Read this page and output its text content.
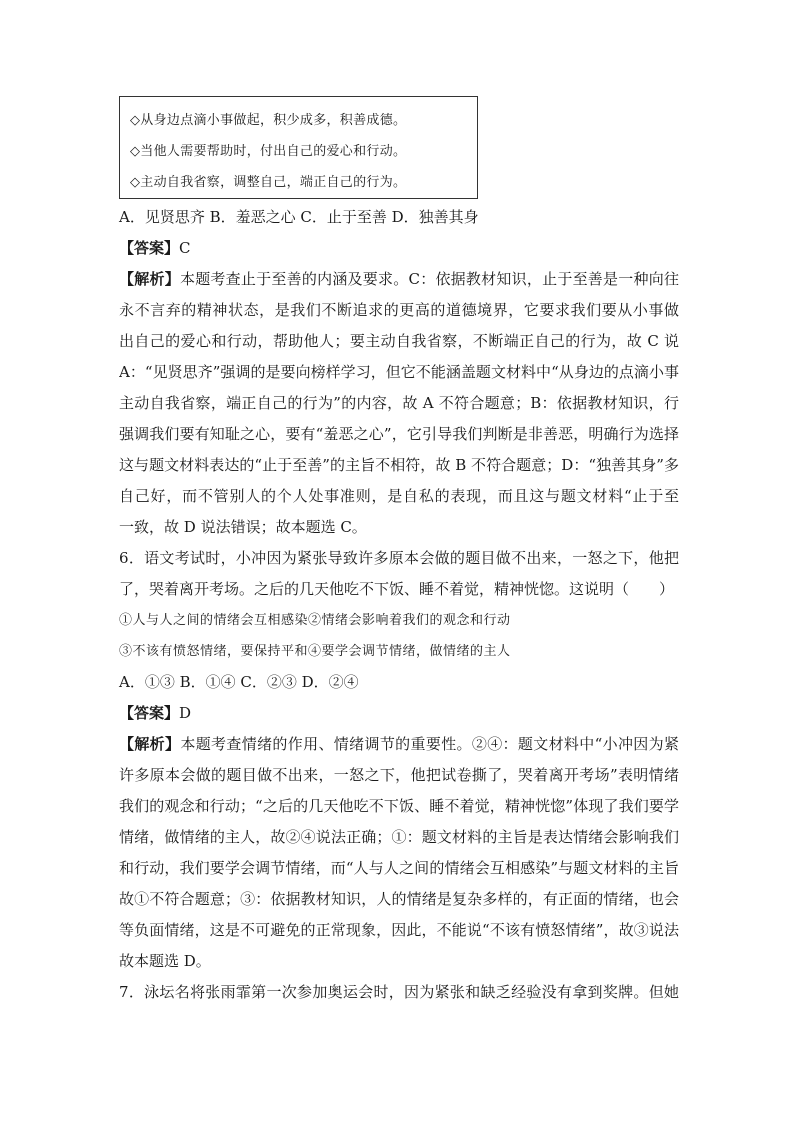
◇从身边点滴小事做起，积少成多，积善成德。
◇当他人需要帮助时，付出自己的爱心和行动。
◇主动自我省察，调整自己，端正自己的行为。
A．见贤思齐 B．羞恶之心 C．止于至善 D．独善其身
【答案】C
【解析】本题考查止于至善的内涵及要求。C：依据教材知识，止于至善是一种向往
永不言弃的精神状态，是我们不断追求的更高的道德境界，它要求我们要从小事做
出自己的爱心和行动，帮助他人；要主动自我省察，不断端正自己的行为，故 C 说
A：“见贤思齐”强调的是要向榜样学习，但它不能涵盖题文材料中“从身边的点滴小事
主动自我省察，端正自己的行为”的内容，故 A 不符合题意；B：依据教材知识，行
强调我们要有知耻之心，要有“羞恶之心”，它引导我们判断是非善恶，明确行为选择
这与题文材料表达的“止于至善”的主旨不相符，故 B 不符合题意；D：“独善其身”多
自己好，而不管别人的个人处事准则，是自私的表现，而且这与题文材料“止于至
一致，故 D 说法错误；故本题选 C。
6．语文考试时，小冲因为紧张导致许多原本会做的题目做不出来，一怒之下，他把
了，哭着离开考场。之后的几天他吃不下饭、睡不着觉，精神恍惚。这说明（　　）
①人与人之间的情绪会互相感染②情绪会影响着我们的观念和行动
③不该有愤怒情绪，要保持平和④要学会调节情绪，做情绪的主人
A．①③ B．①④ C．②③ D．②④
【答案】D
【解析】本题考查情绪的作用、情绪调节的重要性。②④：题文材料中“小冲因为紧
许多原本会做的题目做不出来，一怒之下，他把试卷撕了，哭着离开考场”表明情绪
我们的观念和行动；“之后的几天他吃不下饭、睡不着觉，精神恍惚”体现了我们要学
情绪，做情绪的主人，故②④说法正确；①：题文材料的主旨是表达情绪会影响我们
和行动，我们要学会调节情绪，而“人与人之间的情绪会互相感染”与题文材料的主旨
故①不符合题意；③：依据教材知识，人的情绪是复杂多样的，有正面的情绪，也会
等负面情绪，这是不可避免的正常现象，因此，不能说“不该有愤怒情绪”，故③说法
故本题选 D。
7．泳坛名将张雨霏第一次参加奥运会时，因为紧张和缺乏经验没有拿到奖牌。但她
